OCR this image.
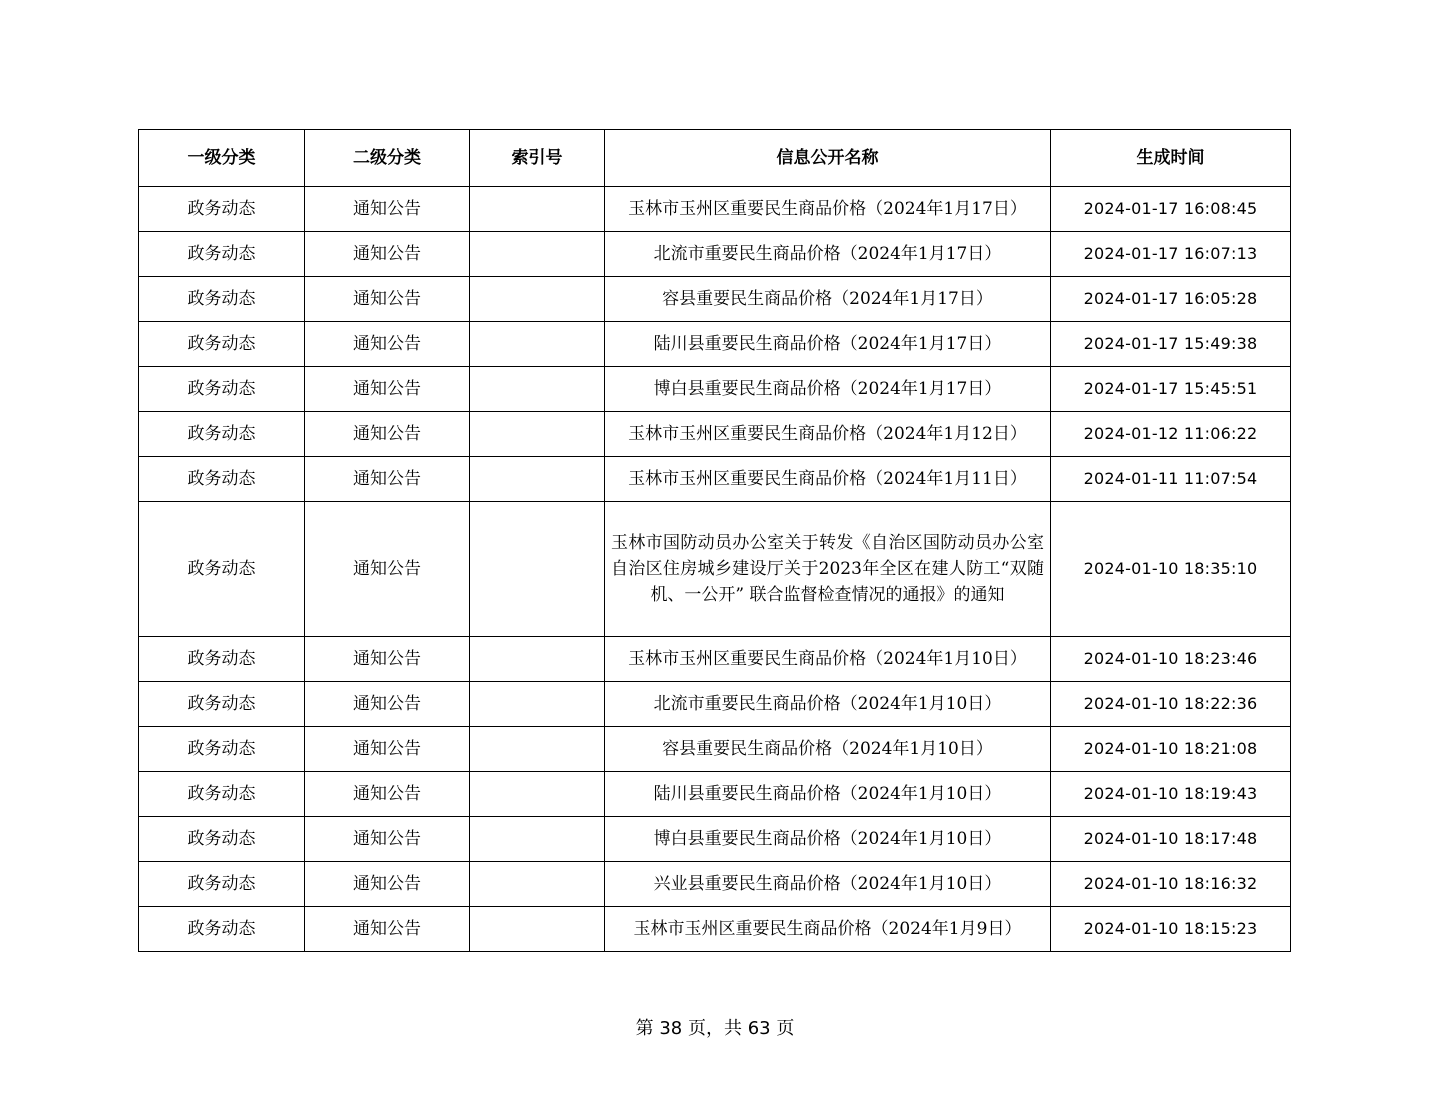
一级分类	二级分类	索引号	信息公开名称	生成时间
政务动态	通知公告		玉林市玉州区重要民生商品价格（2024年1月17日）	2024-01-17 16:08:45
政务动态	通知公告		北流市重要民生商品价格（2024年1月17日）	2024-01-17 16:07:13
政务动态	通知公告		容县重要民生商品价格（2024年1月17日）	2024-01-17 16:05:28
政务动态	通知公告		陆川县重要民生商品价格（2024年1月17日）	2024-01-17 15:49:38
政务动态	通知公告		博白县重要民生商品价格（2024年1月17日）	2024-01-17 15:45:51
政务动态	通知公告		玉林市玉州区重要民生商品价格（2024年1月12日）	2024-01-12 11:06:22
政务动态	通知公告		玉林市玉州区重要民生商品价格（2024年1月11日）	2024-01-11 11:07:54
政务动态	通知公告		玉林市国防动员办公室关于转发《自治区国防动员办公室自治区住房城乡建设厅关于2023年全区在建人防工“双随机、一公开” 联合监督检查情况的通报》的通知	2024-01-10 18:35:10
政务动态	通知公告		玉林市玉州区重要民生商品价格（2024年1月10日）	2024-01-10 18:23:46
政务动态	通知公告		北流市重要民生商品价格（2024年1月10日）	2024-01-10 18:22:36
政务动态	通知公告		容县重要民生商品价格（2024年1月10日）	2024-01-10 18:21:08
政务动态	通知公告		陆川县重要民生商品价格（2024年1月10日）	2024-01-10 18:19:43
政务动态	通知公告		博白县重要民生商品价格（2024年1月10日）	2024-01-10 18:17:48
政务动态	通知公告		兴业县重要民生商品价格（2024年1月10日）	2024-01-10 18:16:32
政务动态	通知公告		玉林市玉州区重要民生商品价格（2024年1月9日）	2024-01-10 18:15:23
第 38 页，共 63 页
